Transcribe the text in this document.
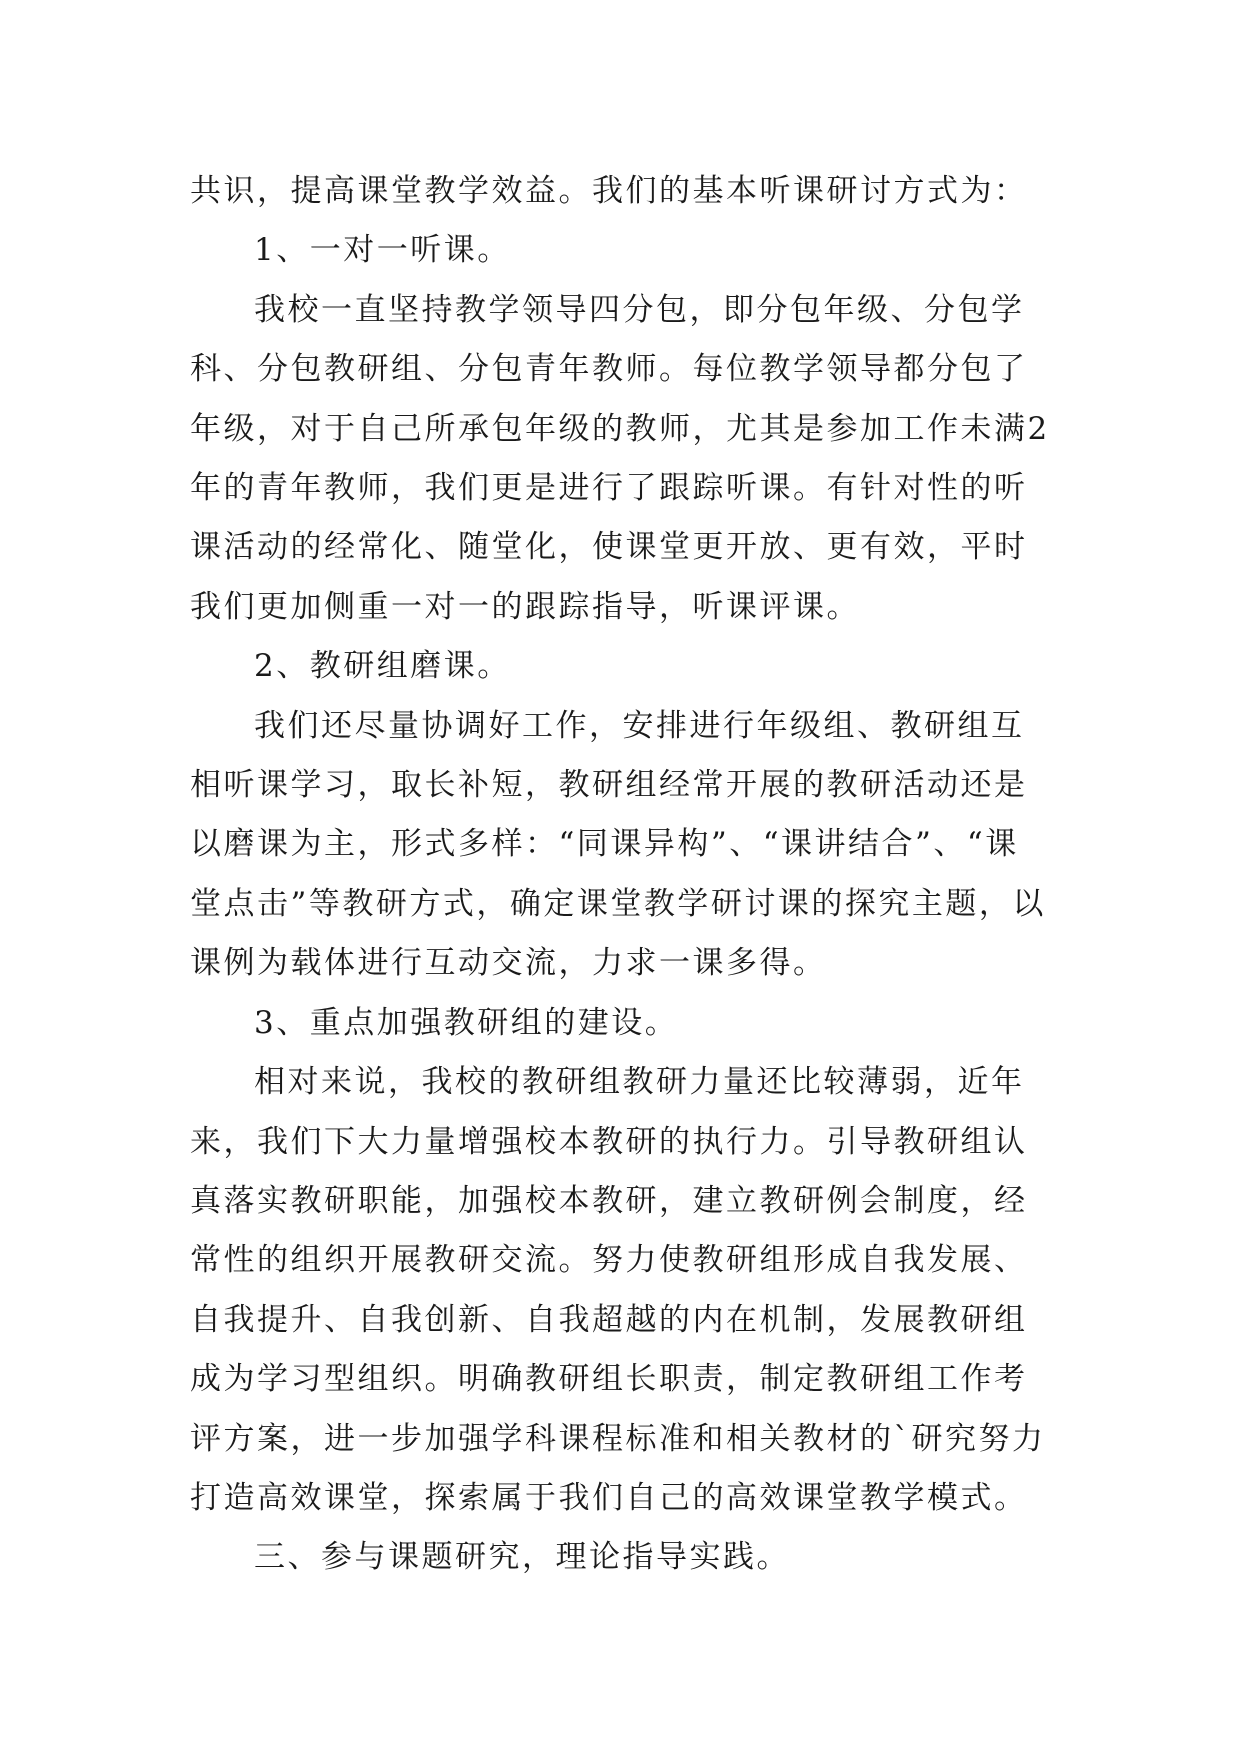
共识，提高课堂教学效益。我们的基本听课研讨方式为：

1、一对一听课。

我校一直坚持教学领导四分包，即分包年级、分包学科、分包教研组、分包青年教师。每位教学领导都分包了年级，对于自己所承包年级的教师，尤其是参加工作未满2年的青年教师，我们更是进行了跟踪听课。有针对性的听课活动的经常化、随堂化，使课堂更开放、更有效，平时我们更加侧重一对一的跟踪指导，听课评课。

2、教研组磨课。

我们还尽量协调好工作，安排进行年级组、教研组互相听课学习，取长补短，教研组经常开展的教研活动还是以磨课为主，形式多样：“同课异构”、“课讲结合”、“课堂点击”等教研方式，确定课堂教学研讨课的探究主题，以课例为载体进行互动交流，力求一课多得。

3、重点加强教研组的建设。

相对来说，我校的教研组教研力量还比较薄弱，近年来，我们下大力量增强校本教研的执行力。引导教研组认真落实教研职能，加强校本教研，建立教研例会制度，经常性的组织开展教研交流。努力使教研组形成自我发展、自我提升、自我创新、自我超越的内在机制，发展教研组成为学习型组织。明确教研组长职责，制定教研组工作考评方案，进一步加强学科课程标准和相关教材的`研究努力打造高效课堂，探索属于我们自己的高效课堂教学模式。

三、参与课题研究，理论指导实践。
